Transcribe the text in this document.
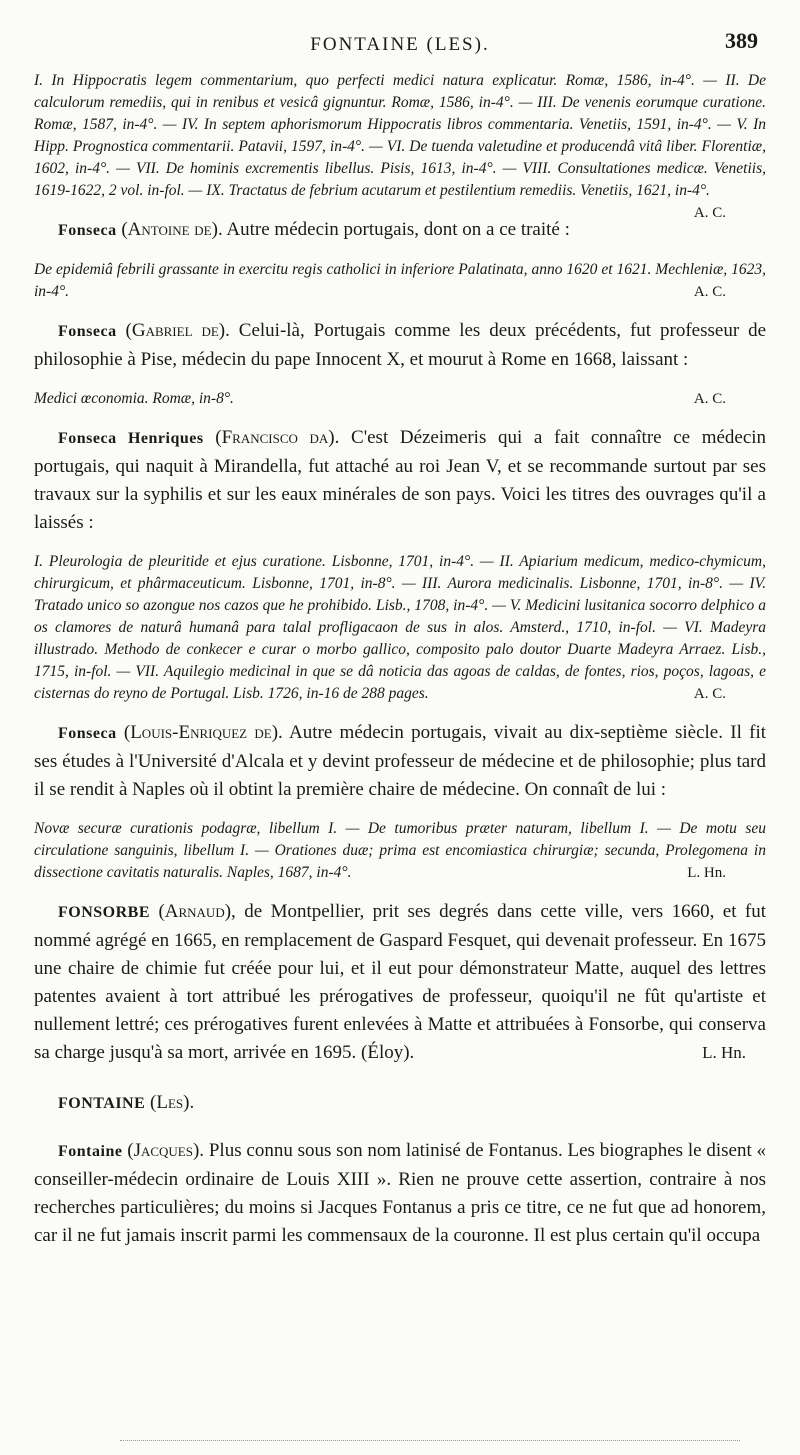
FONTAINE (LES).	389

I. In Hippocratis legem commentarium, quo perfecti medici natura explicatur. Romæ, 1586, in-4°. — II. De calculorum remediis, qui in renibus et vesicâ gignuntur. Romæ, 1586, in-4°. — III. De venenis eorumque curatione. Romæ, 1587, in-4°. — IV. In septem aphorismorum Hippocratis libros commentaria. Venetiis, 1591, in-4°. — V. In Hipp. Prognostica commentarii. Patavii, 1597, in-4°. — VI. De tuenda valetudine et producendâ vitâ liber. Florentiæ, 1602, in-4°. — VII. De hominis excrementis libellus. Pisis, 1613, in-4°. — VIII. Consultationes medicæ. Venetiis, 1619-1622, 2 vol. in-fol. — IX. Tractatus de febrium acutarum et pestilentium remediis. Venetiis, 1621, in-4°.
A. C.

Fonseca (Antoine de). Autre médecin portugais, dont on a ce traité :

De epidemiâ febrili grassante in exercitu regis catholici in inferiore Palatinata, anno 1620 et 1621. Mechleniæ, 1623, in-4°.	A. C.

Fonseca (Gabriel de). Celui-là, Portugais comme les deux précédents, fut professeur de philosophie à Pise, médecin du pape Innocent X, et mourut à Rome en 1668, laissant :

Medici œconomia. Romæ, in-8°.	A. C.

Fonseca Henriques (Francisco da). C'est Dézeimeris qui a fait connaître ce médecin portugais, qui naquit à Mirandella, fut attaché au roi Jean V, et se recommande surtout par ses travaux sur la syphilis et sur les eaux minérales de son pays. Voici les titres des ouvrages qu'il a laissés :

I. Pleurologia de pleuritide et ejus curatione. Lisbonne, 1701, in-4°. — II. Apiarium medicum, medico-chymicum, chirurgicum, et phârmaceuticum. Lisbonne, 1701, in-8°. — III. Aurora medicinalis. Lisbonne, 1701, in-8°. — IV. Tratado unico so azongue nos cazos que he prohibido. Lisb., 1708, in-4°. — V. Medicini lusitanica socorro delphico a os clamores de naturâ humanâ para talal profligacaon de sus in alos. Amsterd., 1710, in-fol. — VI. Madeyra illustrado. Methodo de conkecer e curar o morbo gallico, composito palo doutor Duarte Madeyra Arraez. Lisb., 1715, in-fol. — VII. Aquilegio medicinal in que se dâ noticia das agoas de caldas, de fontes, rios, poços, lagoas, e cisternas do reyno de Portugal. Lisb. 1726, in-16 de 288 pages.	A. C.

Fonseca (Louis-Enriquez de). Autre médecin portugais, vivait au dix-septième siècle. Il fit ses études à l'Université d'Alcala et y devint professeur de médecine et de philosophie; plus tard il se rendit à Naples où il obtint la première chaire de médecine. On connaît de lui :

Novæ securæ curationis podagræ, libellum I. — De tumoribus præter naturam, libellum I. — De motu seu circulatione sanguinis, libellum I. — Orationes duæ; prima est encomiastica chirurgiæ; secunda, Prolegomena in dissectione cavitatis naturalis. Naples, 1687, in-4°.	L. Hn.

FONSORBE (Arnaud), de Montpellier, prit ses degrés dans cette ville, vers 1660, et fut nommé agrégé en 1665, en remplacement de Gaspard Fesquet, qui devenait professeur. En 1675 une chaire de chimie fut créée pour lui, et il eut pour démonstrateur Matte, auquel des lettres patentes avaient à tort attribué les prérogatives de professeur, quoiqu'il ne fût qu'artiste et nullement lettré; ces prérogatives furent enlevées à Matte et attribuées à Fonsorbe, qui conserva sa charge jusqu'à sa mort, arrivée en 1695. (Éloy).	L. Hn.

FONTAINE (Les).

Fontaine (Jacques). Plus connu sous son nom latinisé de Fontanus. Les biographes le disent « conseiller-médecin ordinaire de Louis XIII ». Rien ne prouve cette assertion, contraire à nos recherches particulières; du moins si Jacques Fontanus a pris ce titre, ce ne fut que ad honorem, car il ne fut jamais inscrit parmi les commensaux de la couronne. Il est plus certain qu'il occupa
